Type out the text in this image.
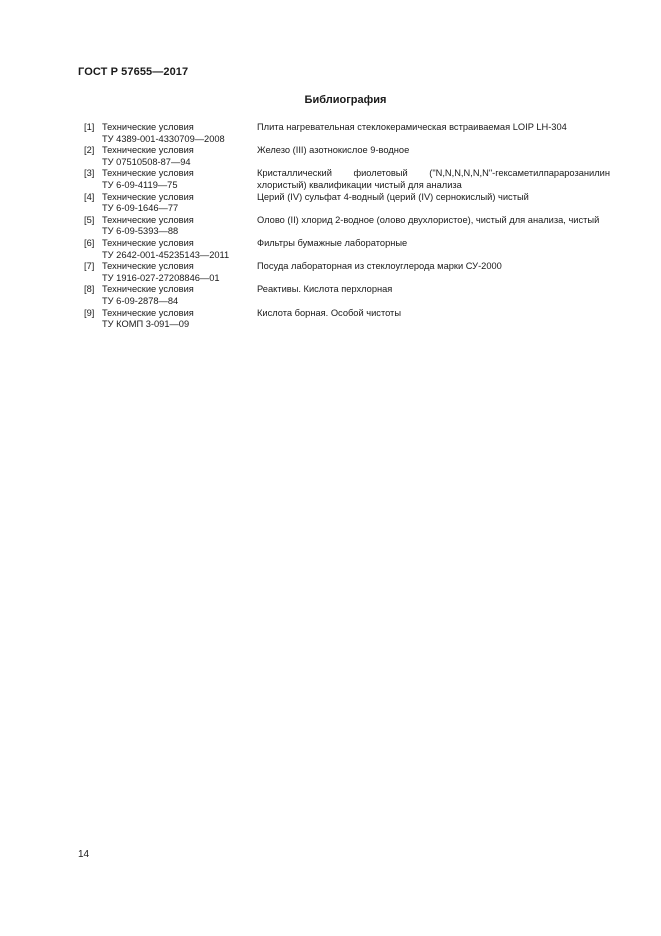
ГОСТ Р 57655—2017
Библиография
[1] Технические условия
ТУ 4389-001-4330709—2008
Плита нагревательная стеклокерамическая встраиваемая LOIP LH-304
[2] Технические условия
ТУ 07510508-87—94
Железо (III) азотнокислое 9-водное
[3] Технические условия
ТУ 6-09-4119—75
Кристаллический фиолетовый ("N,N,N,N,N,N"-гексаметилпарарозанилин хлористый) квалификации чистый для анализа
[4] Технические условия
ТУ 6-09-1646—77
Церий (IV) сульфат 4-водный (церий (IV) сернокислый) чистый
[5] Технические условия
ТУ 6-09-5393—88
Олово (II) хлорид 2-водное (олово двухлористое), чистый для анализа, чистый
[6] Технические условия
ТУ 2642-001-45235143—2011
Фильтры бумажные лабораторные
[7] Технические условия
ТУ 1916-027-27208846—01
Посуда лабораторная из стеклоуглерода марки СУ-2000
[8] Технические условия
ТУ 6-09-2878—84
Реактивы. Кислота перхлорная
[9] Технические условия
ТУ КОМП 3-091—09
Кислота борная. Особой чистоты
14
